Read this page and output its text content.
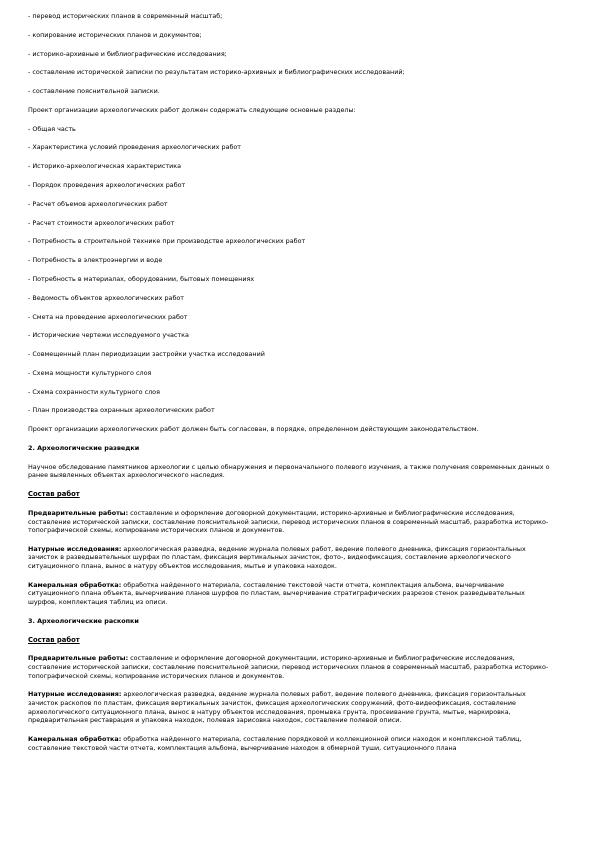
- перевод исторических планов в современный масштаб;

- копирование исторических планов и документов;

- историко-архивные и библиографические исследования;

- составление исторической записки по результатам историко-архивных и библиографических исследований;

- составление пояснительной записки.

Проект организации археологических работ должен содержать следующие основные разделы:

- Общая часть

- Характеристика условий проведения археологических работ

- Историко-археологическая характеристика

- Порядок проведения археологических работ

- Расчет объемов археологических работ

- Расчет стоимости археологических работ

- Потребность в строительной технике при производстве археологических работ

- Потребность в электроэнергии и воде

- Потребность в материалах, оборудовании, бытовых помещениях

- Ведомость объектов археологических работ

- Смета на проведение археологических работ

- Исторические чертежи исследуемого участка

- Совмещенный план периодизации застройки участка исследований

- Схема мощности культурного слоя

- Схема сохранности культурного слоя

- План производства охранных археологических работ

Проект организации археологических работ должен быть согласован, в порядке, определенном действующим законодательством.

2. Археологические разведки

Научное обследование памятников археологии с целью обнаружения и первоначального полевого изучения, а также получения современных данных о ранее выявленных объектах археологического наследия.

Состав работ

Предварительные работы: составление и оформление договорной документации, историко-архивные и библиографические исследования, составление исторической записки, составление пояснительной записки, перевод исторических планов в современный масштаб, разработка историко-топографической схемы, копирование исторических планов и документов.

Натурные исследования: археологическая разведка, ведение журнала полевых работ, ведение полевого дневника, фиксация горизонтальных зачисток в разведывательных шурфах по пластам, фиксация вертикальных зачисток, фото-, видеофиксация, составление археологического ситуационного плана, вынос в натуру объектов исследования, мытье и упаковка находок.

Камеральная обработка: обработка найденного материала, составление текстовой части отчета, комплектация альбома, вычерчивание ситуационного плана объекта, вычерчивание планов шурфов по пластам, вычерчивание стратиграфических разрезов стенок разведывательных шурфов, комплектация таблиц из описи.

3. Археологические раскопки

Состав работ

Предварительные работы: составление и оформление договорной документации, историко-архивные и библиографические исследования, составление исторической записки, составление пояснительной записки, перевод исторических планов в современный масштаб, разработка историко-топографической схемы, копирование исторических планов и документов.

Натурные исследования: археологическая разведка, ведение журнала полевых работ, ведение полевого дневника, фиксация горизонтальных зачисток раскопов по пластам, фиксация вертикальных зачисток, фиксация археологических сооружений, фото-видеофиксация, составление археологического ситуационного плана, вынос в натуру объектов исследования, промывка грунта, просеивание грунта, мытье, маркировка, предварительная реставрация и упаковка находок, полевая зарисовка находок, составление полевой описи.

Камеральная обработка: обработка найденного материала, составление порядковой и коллекционной описи находок и комплексной таблиц, составление текстовой части отчета, комплектация альбома, вычерчивание находок в обмерной туши, ситуационного плана
